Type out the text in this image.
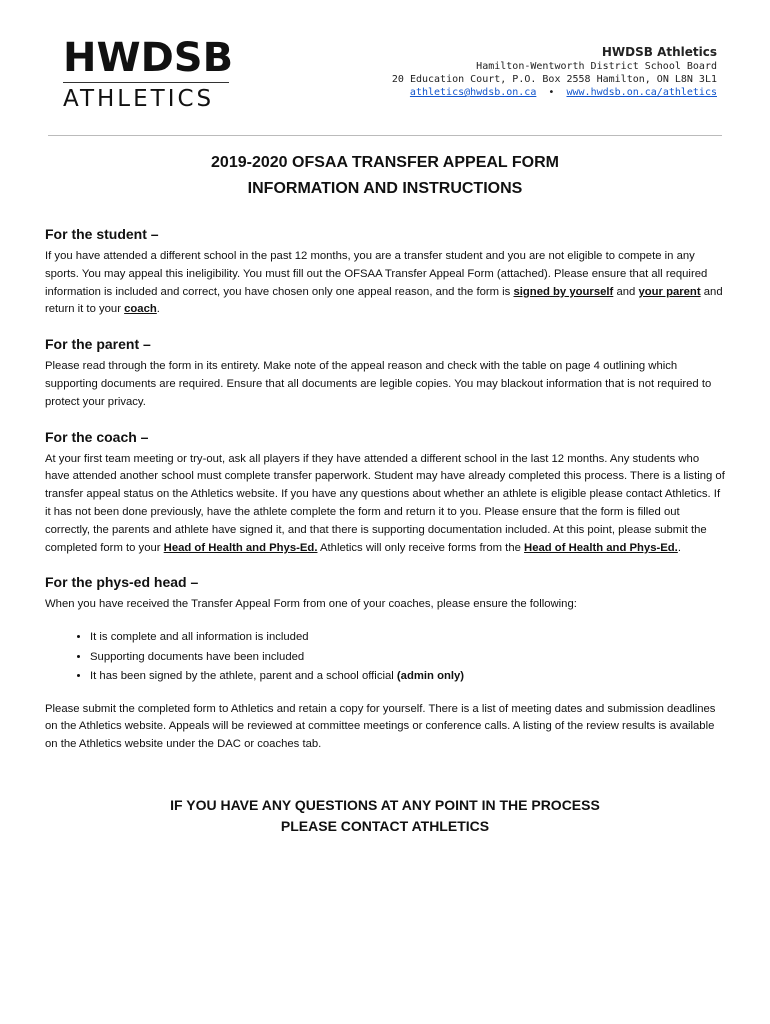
HWDSB
ATHLETICS
HWDSB Athletics
Hamilton-Wentworth District School Board
20 Education Court, P.O. Box 2558 Hamilton, ON L8N 3L1
athletics@hwdsb.on.ca • www.hwdsb.on.ca/athletics
2019-2020 OFSAA TRANSFER APPEAL FORM
INFORMATION AND INSTRUCTIONS
For the student –

If you have attended a different school in the past 12 months, you are a transfer student and you are not eligible to compete in any sports. You may appeal this ineligibility. You must fill out the OFSAA Transfer Appeal Form (attached). Please ensure that all required information is included and correct, you have chosen only one appeal reason, and the form is signed by yourself and your parent and return it to your coach.

For the parent –

Please read through the form in its entirety. Make note of the appeal reason and check with the table on page 4 outlining which supporting documents are required. Ensure that all documents are legible copies. You may blackout information that is not required to protect your privacy.

For the coach –

At your first team meeting or try-out, ask all players if they have attended a different school in the last 12 months. Any students who have attended another school must complete transfer paperwork. Student may have already completed this process. There is a listing of transfer appeal status on the Athletics website. If you have any questions about whether an athlete is eligible please contact Athletics. If it has not been done previously, have the athlete complete the form and return it to you. Please ensure that the form is filled out correctly, the parents and athlete have signed it, and that there is supporting documentation included. At this point, please submit the completed form to your Head of Health and Phys-Ed. Athletics will only receive forms from the Head of Health and Phys-Ed..

For the phys-ed head –

When you have received the Transfer Appeal Form from one of your coaches, please ensure the following:

• It is complete and all information is included
• Supporting documents have been included
• It has been signed by the athlete, parent and a school official (admin only)

Please submit the completed form to Athletics and retain a copy for yourself. There is a list of meeting dates and submission deadlines on the Athletics website. Appeals will be reviewed at committee meetings or conference calls. A listing of the review results is available on the Athletics website under the DAC or coaches tab.

IF YOU HAVE ANY QUESTIONS AT ANY POINT IN THE PROCESS
PLEASE CONTACT ATHLETICS
